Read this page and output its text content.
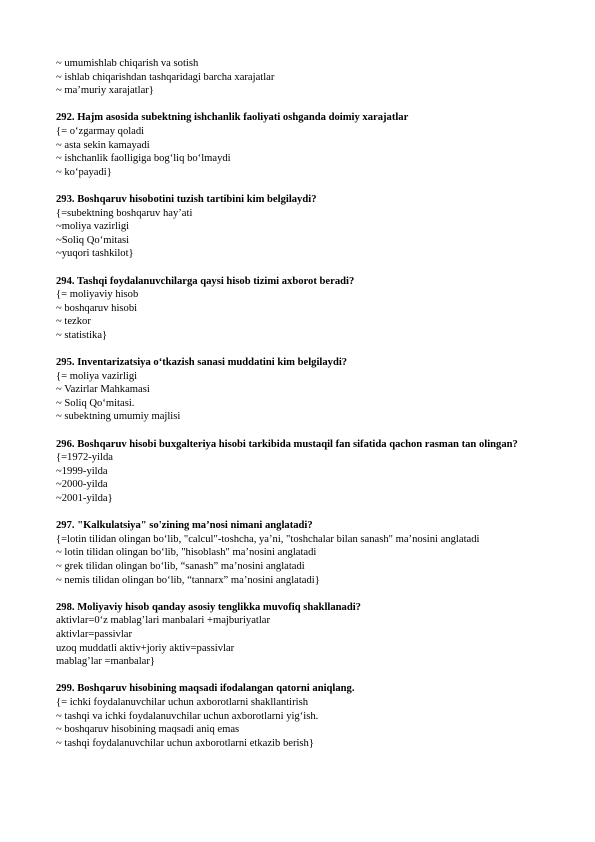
~ umumishlab chiqarish va sotish
~ ishlab chiqarishdan tashqaridagi barcha xarajatlar
~ ma’muriy xarajatlar}
292. Hajm asosida subektning ishchanlik faoliyati oshganda doimiy xarajatlar
{= o‘zgarmay qoladi
~ asta sekin kamayadi
~ ishchanlik faolligiga bog‘liq bo‘lmaydi
~ ko‘payadi}
293. Boshqaruv hisobotini tuzish tartibini kim belgilaydi?
{=subektning boshqaruv hay’ati
~moliya vazirligi
~Soliq Qo‘mitasi
~yuqori tashkilot}
294. Tashqi foydalanuvchilarga qaysi hisob tizimi axborot beradi?
{= moliyaviy hisob
~ boshqaruv hisobi
~ tezkor
~ statistika}
295. Inventarizatsiya o‘tkazish sanasi muddatini kim belgilaydi?
{= moliya vazirligi
~ Vazirlar Mahkamasi
~ Soliq Qo‘mitasi.
~ subektning umumiy majlisi
296. Boshqaruv hisobi buxgalteriya hisobi tarkibida mustaqil fan sifatida qachon rasman tan olingan?
{=1972-yilda
~1999-yilda
~2000-yilda
~2001-yilda}
297. "Kalkulatsiya" so'zining ma’nosi nimani anglatadi?
{=lotin tilidan olingan bo‘lib, "calcul"-toshcha, ya’ni, "toshchalar bilan sanash" ma’nosini anglatadi
~ lotin tilidan olingan bo‘lib, "hisoblash" ma’nosini anglatadi
~ grek tilidan olingan bo‘lib, “sanash” ma’nosini anglatadi
~ nemis tilidan olingan bo‘lib, “tannarx” ma’nosini anglatadi}
298. Moliyaviy hisob qanday asosiy tenglikka muvofiq shakllanadi?
aktivlar=0‘z mablag’lari manbalari +majburiyatlar
aktivlar=passivlar
uzoq muddatli aktiv+joriy aktiv=passivlar
mablag’lar =manbalar}
299. Boshqaruv hisobining maqsadi ifodalangan qatorni aniqlang.
{= ichki foydalanuvchilar uchun axborotlarni shakllantirish
~ tashqi va ichki foydalanuvchilar uchun axborotlarni yig‘ish.
~ boshqaruv hisobining maqsadi aniq emas
~ tashqi foydalanuvchilar uchun axborotlarni etkazib berish}
